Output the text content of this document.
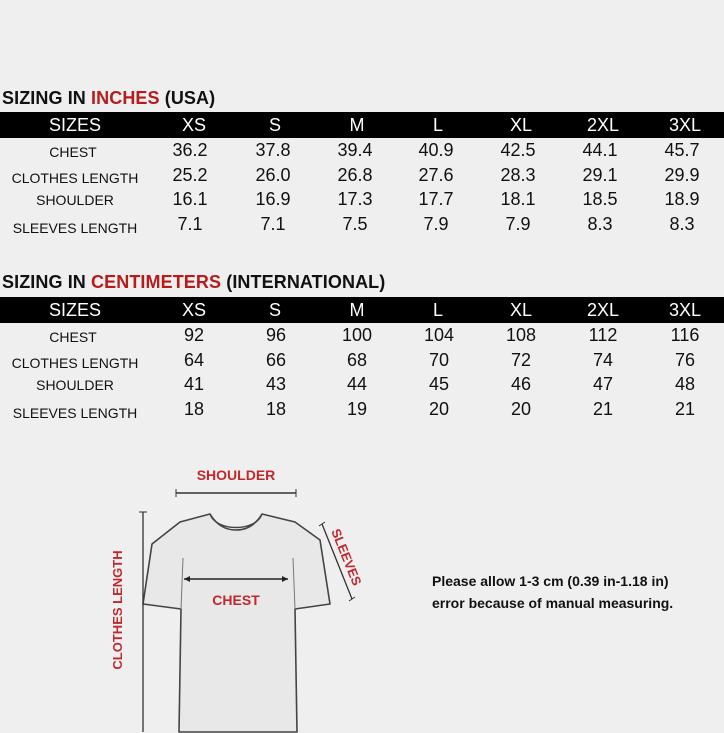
SIZING IN INCHES (USA)
SIZES	XS	S	M	L	XL	2XL	3XL
CHEST	36.2	37.8	39.4	40.9	42.5	44.1	45.7
CLOTHES LENGTH 25.2	26.0	26.8	27.6	28.3	29.1	29.9
SHOULDER	16.1	16.9	17.3	17.7	18.1	18.5	18.9
SLEEVES LENGTH 7.1	7.1	7.5	7.9	7.9	8.3	8.3
SIZING IN CENTIMETERS (INTERNATIONAL)
SIZES	XS	S	M	L	XL	2XL	3XL
CHEST	92	96	100	104	108	112	116
CLOTHES LENGTH	64	66	68	70	72	74	76
SHOULDER	41	43	44	45	46	47	48
SLEEVES LENGTH	18	18	19	20	20	21	21
SHOULDER
CHEST
SLEEVES
CLOTHES LENGTH	Please allow 1-3 cm (0.39 in-1.18 in)
error because of manual measuring.
